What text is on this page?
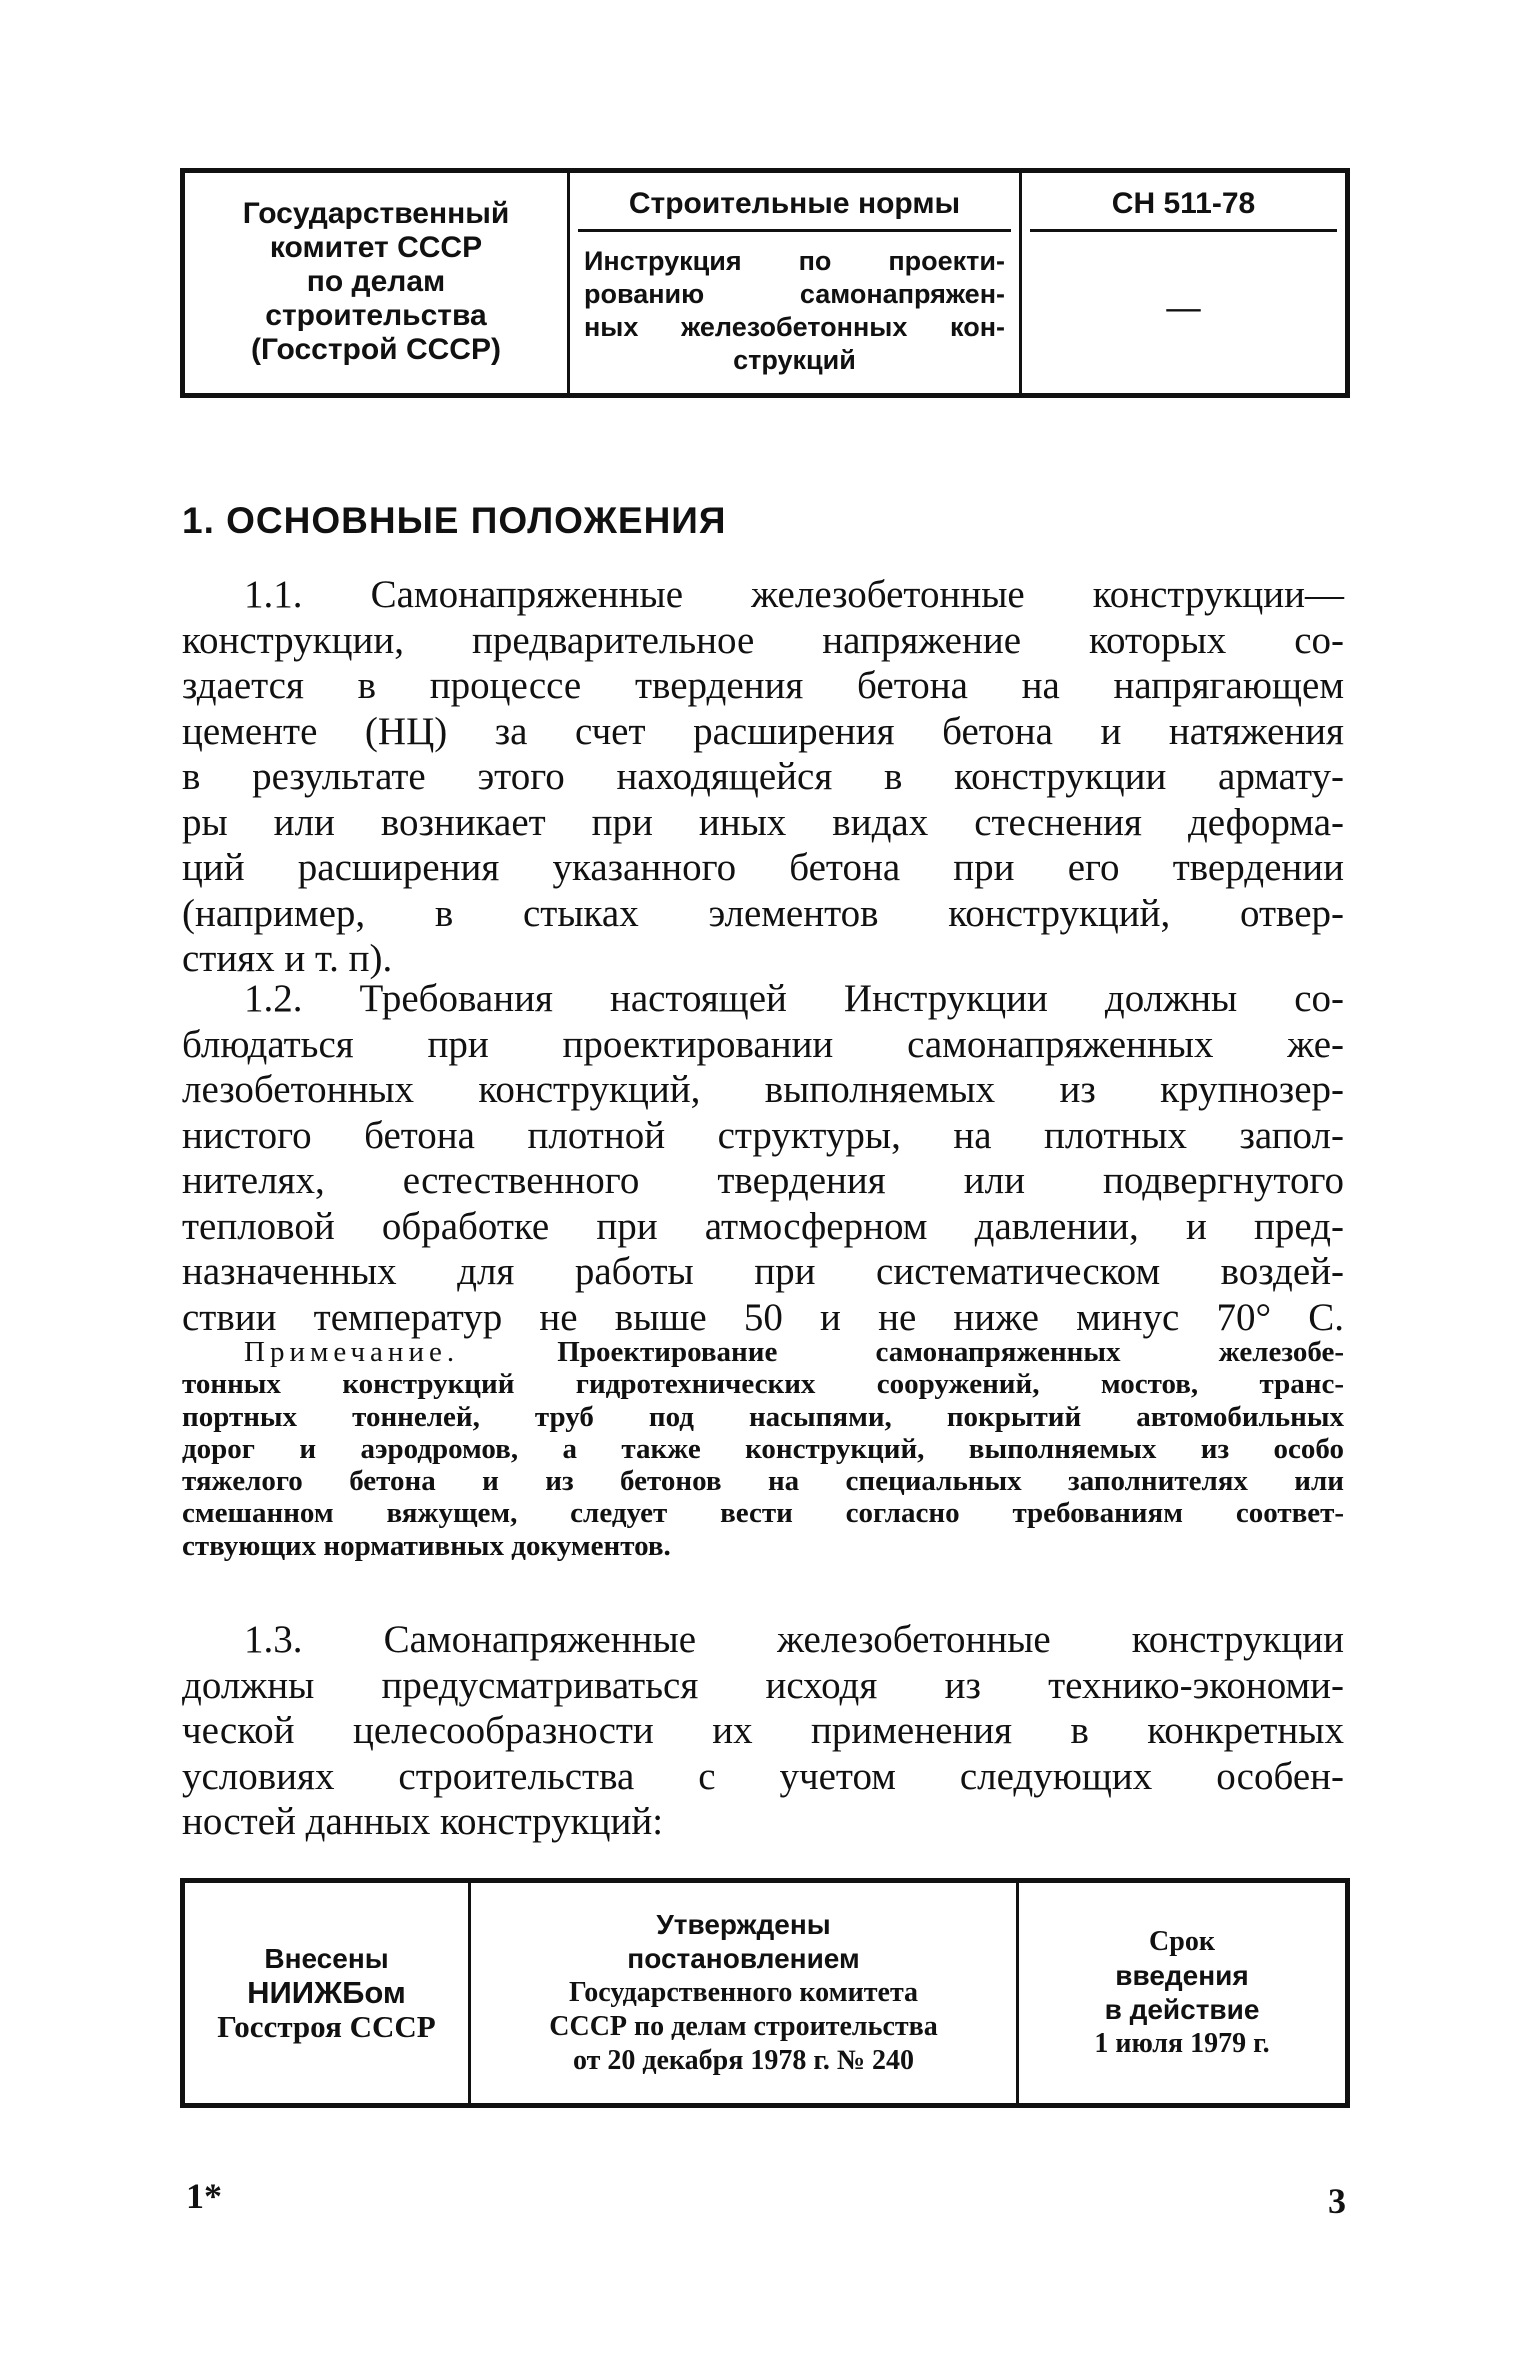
Государственный
комитет СССР
по делам
строительства
(Госстрой СССР)
Строительные нормы
Инструкция по проекти-
рованию самонапряжен-
ных железобетонных кон-
струкций
СН 511-78
—
1. ОСНОВНЫЕ ПОЛОЖЕНИЯ
1.1. Самонапряженные железобетонные конструкции—
конструкции, предварительное напряжение которых со-
здается в процессе твердения бетона на напрягающем
цементе (НЦ) за счет расширения бетона и натяжения
в результате этого находящейся в конструкции армату-
ры или возникает при иных видах стеснения деформа-
ций расширения указанного бетона при его твердении
(например, в стыках элементов конструкций, отвер-
стиях и т. п).
1.2. Требования настоящей Инструкции должны со-
блюдаться при проектировании самонапряженных же-
лезобетонных конструкций, выполняемых из крупнозер-
нистого бетона плотной структуры, на плотных запол-
нителях, естественного твердения или подвергнутого
тепловой обработке при атмосферном давлении, и пред-
назначенных для работы при систематическом воздей-
ствии температур не выше 50 и не ниже минус 70° С.
Примечание.	Проектирование самонапряженных железобе-
тонных конструкций гидротехнических сооружений, мостов, транс-
портных тоннелей, труб под насыпями, покрытий автомобильных
дорог и аэродромов, а также конструкций, выполняемых из особо
тяжелого бетона и из бетонов на специальных заполнителях или
смешанном вяжущем, следует вести согласно требованиям соответ-
ствующих нормативных документов.
1.3. Самонапряженные железобетонные конструкции
должны предусматриваться исходя из технико-экономи-
ческой целесообразности их применения в конкретных
условиях строительства с учетом следующих особен-
ностей данных конструкций:
Внесены
НИИЖБом
Госстроя СССР
Утверждены
постановлением
Государственного комитета
СССР по делам строительства
от 20 декабря 1978 г. № 240
Срок
введения
в действие
1 июля 1979 г.
1*	3
